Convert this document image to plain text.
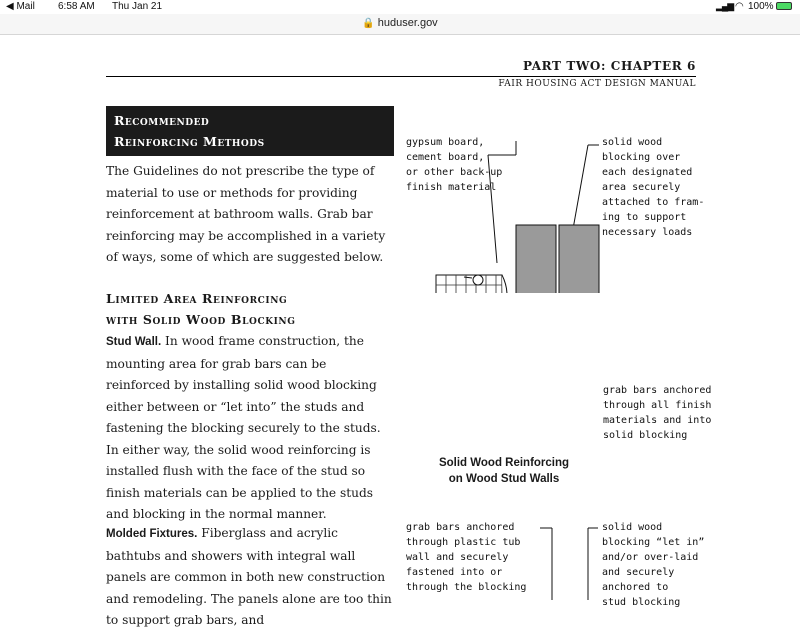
◀ Mail 6:58 AM Thu Jan 21	▂▄▆ ◠ 100%
🔒 huduser.gov
PART TWO: CHAPTER 6
FAIR HOUSING ACT DESIGN MANUAL
Recommended
Reinforcing Methods
The Guidelines do not prescribe the type of material to use or methods for providing reinforcement at bathroom walls. Grab bar reinforcing may be accomplished in a variety of ways, some of which are suggested below.
Limited Area Reinforcing
with Solid Wood Blocking
Stud Wall. In wood frame construction, the mounting area for grab bars can be reinforced by installing solid wood blocking either between or “let into” the studs and fastening the blocking securely to the studs. In either way, the solid wood reinforcing is installed flush with the face of the stud so finish materials can be applied to the studs and blocking in the normal manner.
Molded Fixtures. Fiberglass and acrylic bathtubs and showers with integral wall panels are common in both new construction and remodeling. The panels alone are too thin to support grab bars, and
gypsum board,
cement board,
or other back-up
finish material
solid wood
blocking over
each designated
area securely
attached to fram-
ing to support
necessary loads
grab bars anchored
through all finish
materials and into
solid blocking
Solid Wood Reinforcing
on Wood Stud Walls
grab bars anchored
through plastic tub
wall and securely
fastened into or
through the blocking
solid wood
blocking “let in”
and/or over-laid
and securely
anchored to
stud blocking
